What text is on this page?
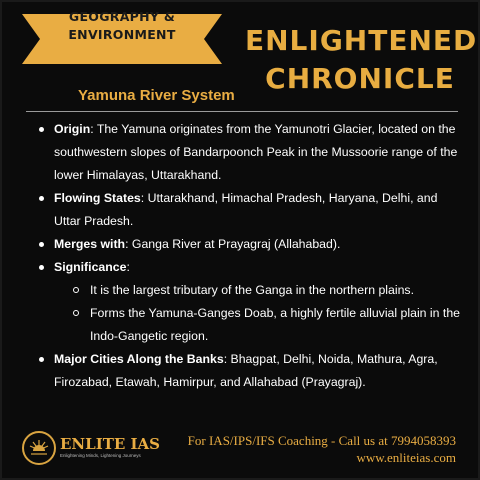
GEOGRAPHY &
ENVIRONMENT	ENLIGHTENED
CHRONICLE
Yamuna River System
Origin: The Yamuna originates from the Yamunotri Glacier, located on the southwestern slopes of Bandarpoonch Peak in the Mussoorie range of the lower Himalayas, Uttarakhand.
Flowing States: Uttarakhand, Himachal Pradesh, Haryana, Delhi, and Uttar Pradesh.
Merges with: Ganga River at Prayagraj (Allahabad).
Significance:
It is the largest tributary of the Ganga in the northern plains.
Forms the Yamuna-Ganges Doab, a highly fertile alluvial plain in the Indo-Gangetic region.
Major Cities Along the Banks: Bhagpat, Delhi, Noida, Mathura, Agra, Firozabad, Etawah, Hamirpur, and Allahabad (Prayagraj).
ENLITE IAS
Enlightening Minds, Lightening Journeys
For IAS/IPS/IFS Coaching - Call us at 7994058393
www.enliteias.com
